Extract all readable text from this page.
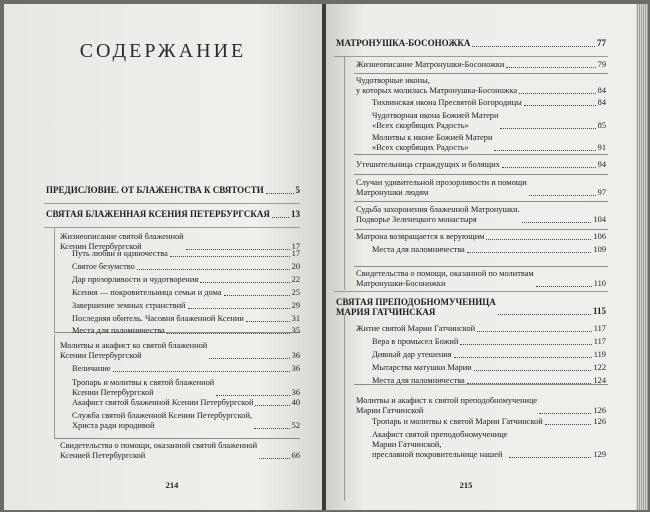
СОДЕРЖАНИЕ
ПРЕДИСЛОВИЕ. ОТ БЛАЖЕНСТВА К СВЯТОСТИ	5
СВЯТАЯ БЛАЖЕННАЯ КСЕНИЯ ПЕТЕРБУРГСКАЯ 13
Жизнеописание святой блаженной
Ксении Петербургской	17
Путь любви и одиночества	17
Святое безумство	20
Дар прозорливости и чудотворения	22
Ксения — покровительница семьи и дома	25
Завершение земных странствий	29
Последняя обитель. Часовня блаженной Ксении	31
Места для паломничества	35
Молитвы и акафист ко святой блаженной
Ксении Петербургской	36
Величание	36
Тропарь и молитвы к святой блаженной
Ксении Петербургской	36
Акафист святой блаженной Ксении Петербургской	40
Служба святой блаженной Ксении Петербургской,
Христа ради юродивой	52
Свидетельства о помощи, оказанной святой блаженной
Ксенией Петербургской	66
214
МАТРОНУШКА-БОСОНОЖКА	77
Жизнеописание Матронушки-Босоножки	79
Чудотворные иконы,
у которых молилась Матронушка-Босоножка	84
Тихвинская икона Пресвятой Богородицы	84
Чудотворная икона Божией Матери
«Всех скорбящих Радость»	85
Молитвы к иконе Божией Матери
«Всех скорбящих Радость»	91
Утешительница страждущих и болящих	94
Случаи удивительной прозорливости и помощи
Матронушки людям	97
Судьба захоронения блаженной Матронушки.
Подворье Зеленецкого монастыря	104
Матрона возвращается к верующим	106
Места для паломничества	109
Свидетельства о помощи, оказанной по молитвам
Матронушки-Босоножки	110
СВЯТАЯ ПРЕПОДОБНОМУЧЕНИЦА
МАРИЯ ГАТЧИНСКАЯ	115
Житие святой Марии Гатчинской	117
Вера в промысел Божий	117
Дивный дар утешения	119
Мытарства матушки Марии	122
Места для паломничества	124
Молитвы и акафист к святой преподобномученице
Марии Гатчинской	126
Тропарь и молитвы к святой Марии Гатчинской	126
Акафист святой преподобномученице
Марии Гатчинской,
преславной покровительнице нашей	129
215
